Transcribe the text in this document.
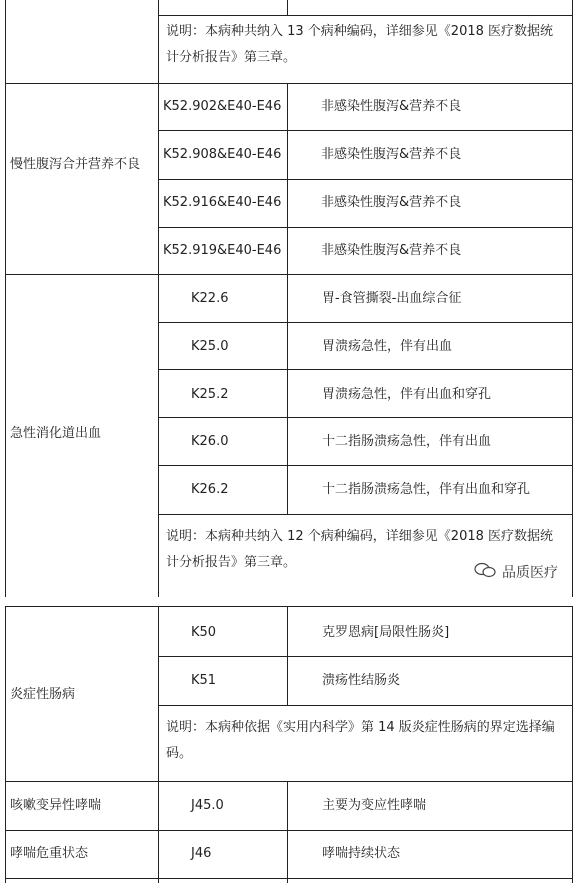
说明：本病种共纳入 13 个病种编码，详细参见《2018 医疗数据统计分析报告》第三章。
慢性腹泻合并营养不良
K52.902&E40-E46	非感染性腹泻&营养不良
K52.908&E40-E46	非感染性腹泻&营养不良
K52.916&E40-E46	非感染性腹泻&营养不良
K52.919&E40-E46	非感染性腹泻&营养不良
急性消化道出血
K22.6	胃-食管撕裂-出血综合征
K25.0	胃溃疡急性，伴有出血
K25.2	胃溃疡急性，伴有出血和穿孔
K26.0	十二指肠溃疡急性，伴有出血
K26.2	十二指肠溃疡急性，伴有出血和穿孔
说明：本病种共纳入 12 个病种编码，详细参见《2018 医疗数据统计分析报告》第三章。
品质医疗
炎症性肠病
K50	克罗恩病[局限性肠炎]
K51	溃疡性结肠炎
说明：本病种依据《实用内科学》第 14 版炎症性肠病的界定选择编码。
咳嗽变异性哮喘	J45.0	主要为变应性哮喘
哮喘危重状态	J46	哮喘持续状态
